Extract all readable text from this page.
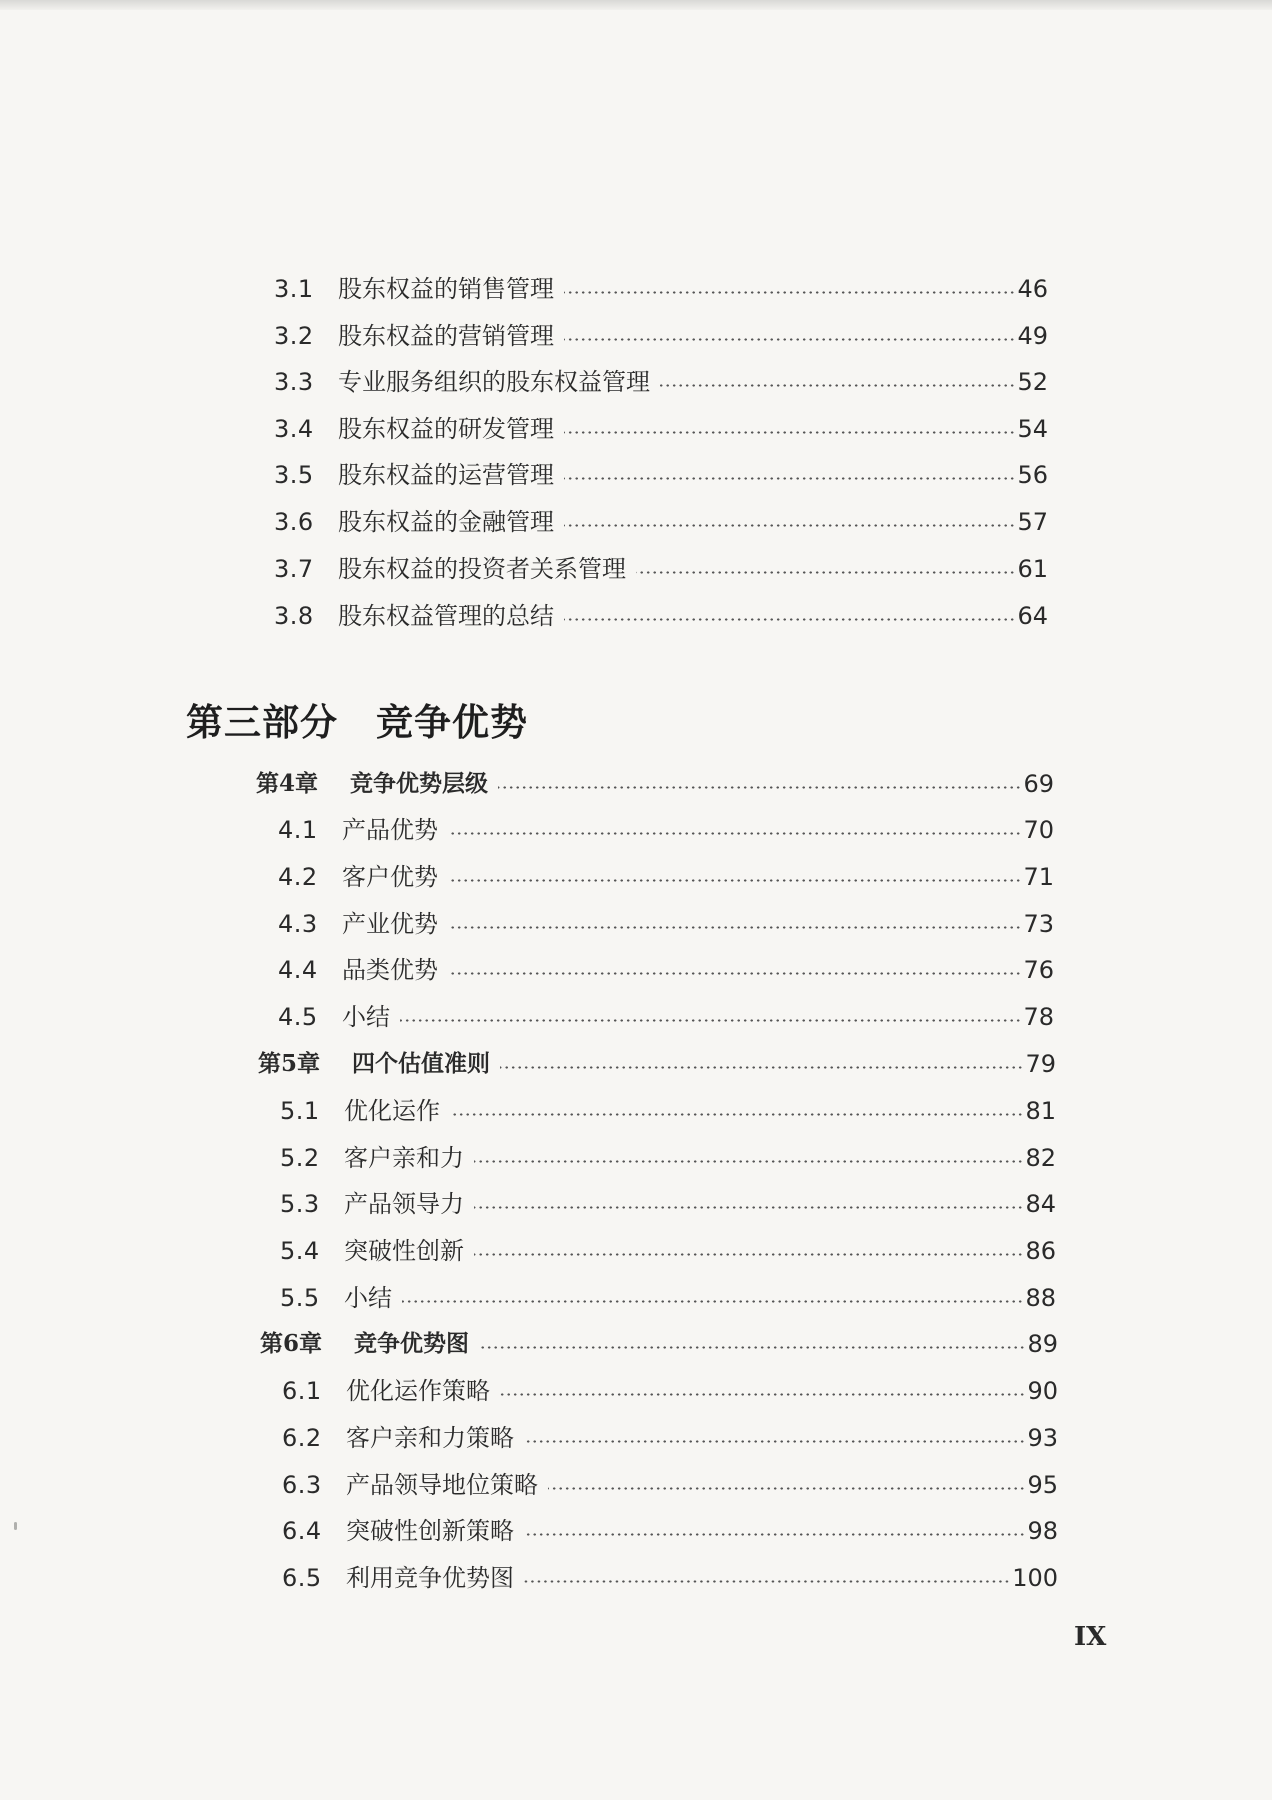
3.1	股东权益的销售管理	46
3.2	股东权益的营销管理	49
3.3	专业服务组织的股东权益管理	52
3.4	股东权益的研发管理	54
3.5	股东权益的运营管理	56
3.6	股东权益的金融管理	57
3.7	股东权益的投资者关系管理	61
3.8	股东权益管理的总结	64
第三部分 竞争优势
第4章	竞争优势层级	69
4.1	产品优势	70
4.2	客户优势	71
4.3	产业优势	73
4.4	品类优势	76
4.5	小结	78
第5章	四个估值准则	79
5.1	优化运作	81
5.2	客户亲和力	82
5.3	产品领导力	84
5.4	突破性创新	86
5.5	小结	88
第6章	竞争优势图	89
6.1	优化运作策略	90
6.2	客户亲和力策略	93
6.3	产品领导地位策略	95
6.4	突破性创新策略	98
6.5	利用竞争优势图	100
IX
